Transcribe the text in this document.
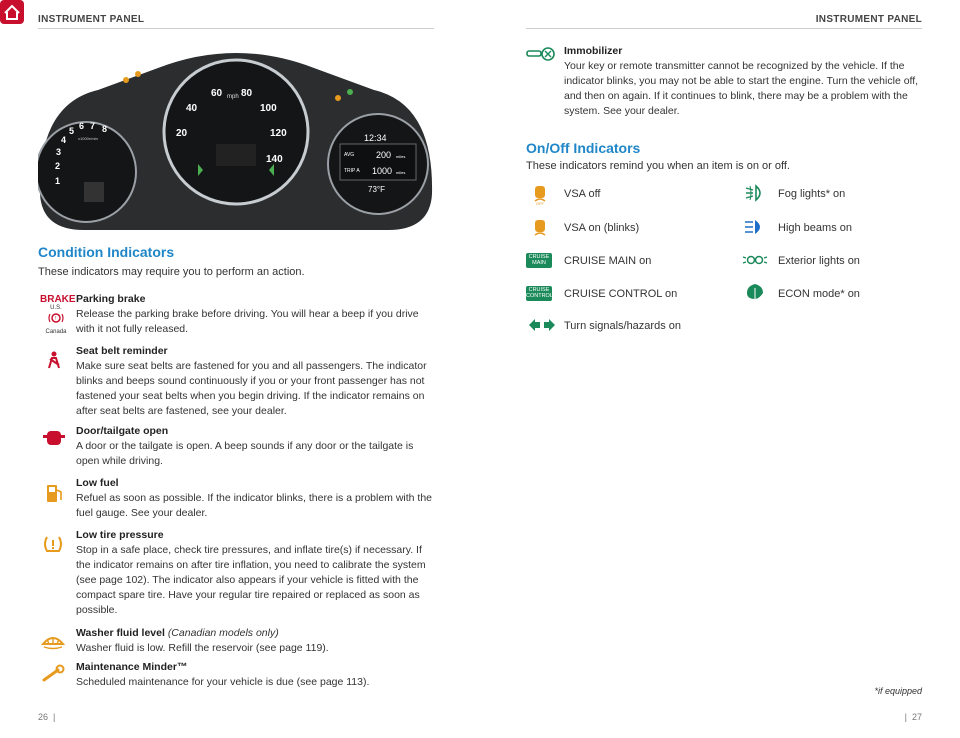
INSTRUMENT PANEL
1
2
3
4
5 6 7 8
x1000r/min	20
40
60 80
100
120
140
mph
12:34
AVG 200 miles
TRIP A 1000 miles
73°F
Condition Indicators
These indicators may require you to perform an action.
BRAKE
U.S.
!
Canada
Parking brake
Release the parking brake before driving. You will hear a beep if you drive with it not fully released.
Seat belt reminder
Make sure seat belts are fastened for you and all passengers. The indicator blinks and beeps sound continuously if you or your front passenger has not fastened your seat belts when you begin driving. If the indicator remains on after seat belts are fastened, see your dealer.
Door/tailgate open
A door or the tailgate is open. A beep sounds if any door or the tailgate is open while driving.
Low fuel
Refuel as soon as possible. If the indicator blinks, there is a problem with the fuel gauge. See your dealer.
Low tire pressure
Stop in a safe place, check tire pressures, and inflate tire(s) if necessary. If the indicator remains on after tire inflation, you need to calibrate the system (see page 102). The indicator also appears if your vehicle is fitted with the compact spare tire. Have your regular tire repaired or replaced as soon as possible.
Washer fluid level (Canadian models only)
Washer fluid is low. Refill the reservoir (see page 119).
Maintenance Minder™
Scheduled maintenance for your vehicle is due (see page 113).
26  |
INSTRUMENT PANEL
Immobilizer
Your key or remote transmitter cannot be recognized by the vehicle. If the indicator blinks, you may not be able to start the engine. Turn the vehicle off, and then on again. If it continues to blink, there may be a problem with the system. See your dealer.
On/Off Indicators
These indicators remind you when an item is on or off.
OFF
VSA off
VSA on (blinks)
CRUISE MAIN	CRUISE MAIN on
CRUISE CONTROL CRUISE CONTROL on
Turn signals/hazards on
Fog lights* on
High beams on
Exterior lights on
ECON mode* on
*if equipped
|  27
